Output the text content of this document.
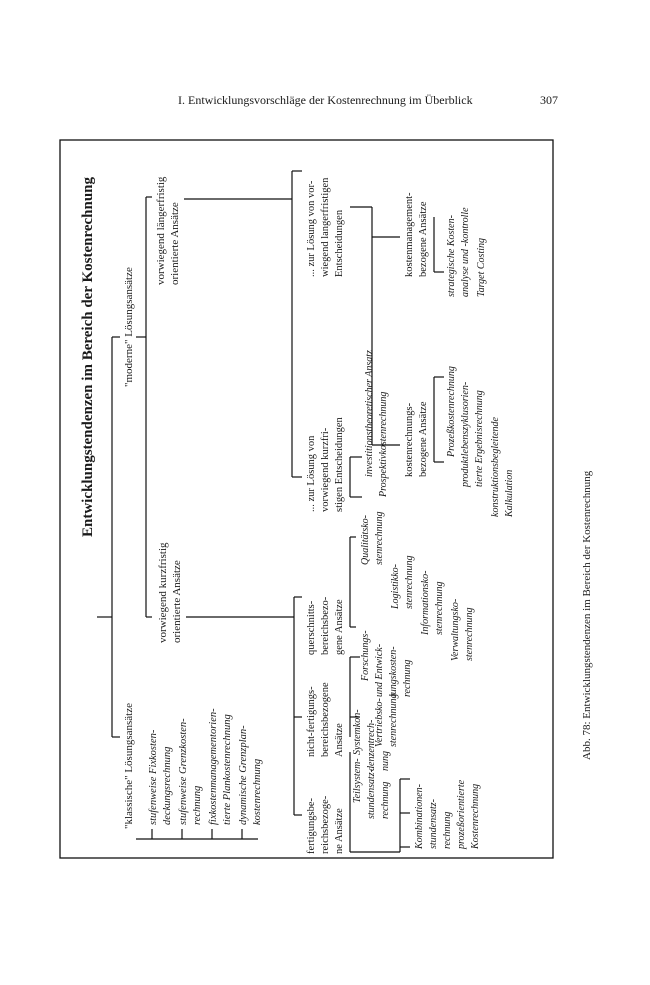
I. Entwicklungsvorschläge der Kostenrechnung im Überblick	307
Entwicklungstendenzen im Bereich der Kostenrechnung
"klassische" Lösungsansätze stufenweise Fixkosten- deckungsrechnung stufenweise Grenzkosten- rechnung fixkostenmanagementorien- tierte Plankostenrechnung dynamische Grenzplan- kostenrechnung
"moderne" Lösungsansätze
vorwiegend kurzfristig orientierte Ansätze
fertigungsbe- reichsbezoge- ne Ansätze
Systemkon- denzentrech- nung Teilsystem- stundensatz- rechnung Kombinationen- stundensatz- rechnung prozeßorientierte Kostenrechnung
nicht-fertigungs- bereichsbezogene Ansätze
Forschungs- und Entwick- lungskosten- rechnung Vertriebsko- stenrechnung
querschnitts- bereichsbezo- gene Ansätze
Qualitätsko- stenrechnung Logistikko- stenrechnung Informationsko- stenrechnung Verwaltungsko- stenrechnung
vorwiegend längerfristig orientierte Ansätze
... zur Lösung von vorwiegend kurzfri- stigen Entscheidungen investitionstheoretischer Ansatz Prospektivkostenrechnung
... zur Lösung von vor- wiegend langerfristigen Entscheidungen
kostenrechnungs- bezogene Ansätze Prozeßkostenrechnung produktlebenszyklusorien- tierte Ergebnisrechnung konstruktionsbegleitende Kalkulation
kostenmanagement- bezogene Ansätze strategische Kosten- analyse und -kontrolle Target Costing
Abb. 78: Entwicklungstendenzen im Bereich der Kostenrechnung
